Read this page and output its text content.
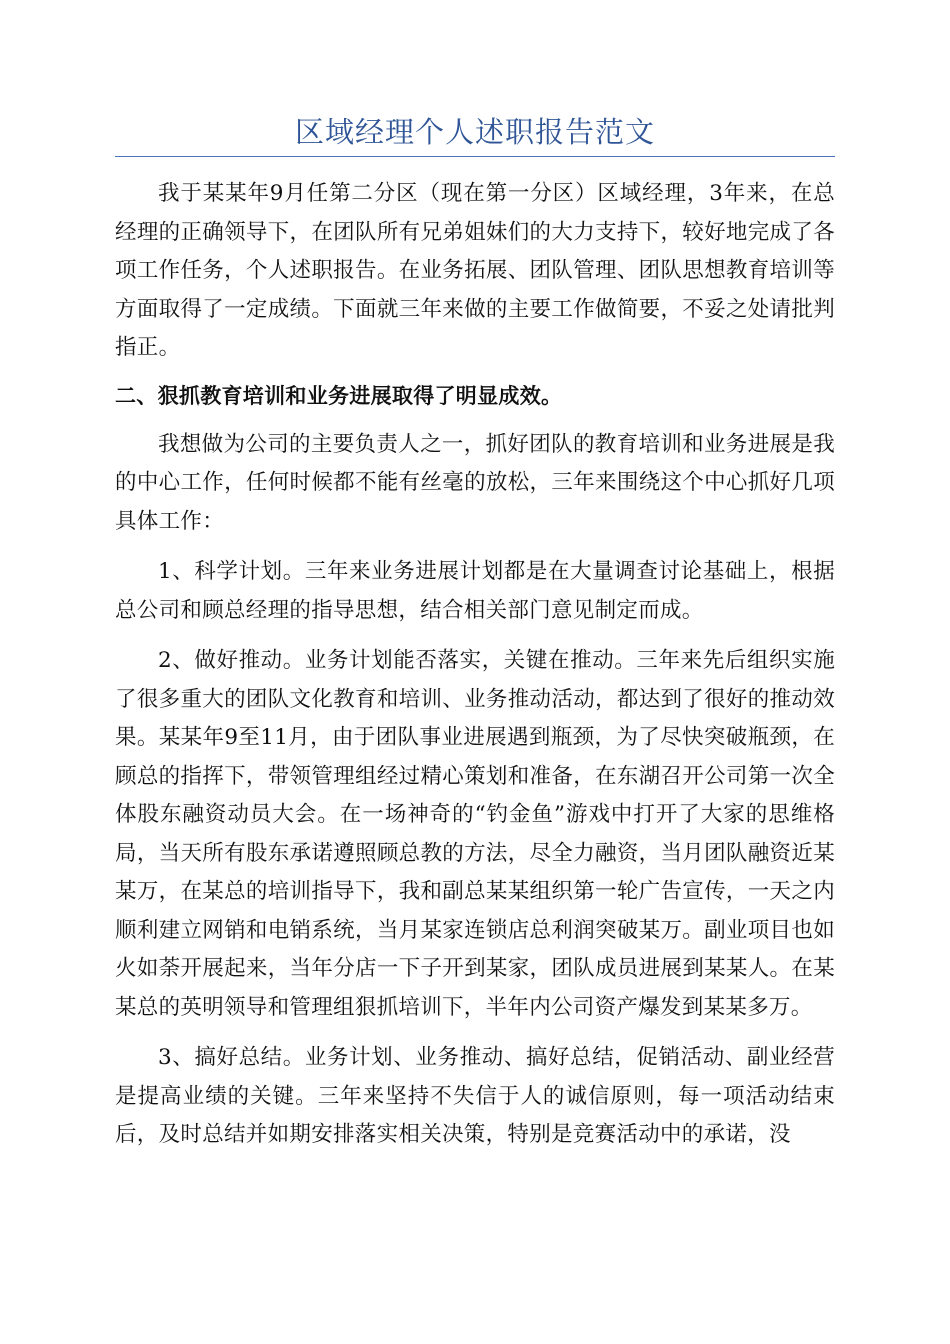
区域经理个人述职报告范文

我于某某年9月任第二分区（现在第一分区）区域经理，3年来，在总经理的正确领导下，在团队所有兄弟姐妹们的大力支持下，较好地完成了各项工作任务，个人述职报告。在业务拓展、团队管理、团队思想教育培训等方面取得了一定成绩。下面就三年来做的主要工作做简要，不妥之处请批判指正。

二、狠抓教育培训和业务进展取得了明显成效。

我想做为公司的主要负责人之一，抓好团队的教育培训和业务进展是我的中心工作，任何时候都不能有丝毫的放松，三年来围绕这个中心抓好几项具体工作：

1、科学计划。三年来业务进展计划都是在大量调查讨论基础上，根据总公司和顾总经理的指导思想，结合相关部门意见制定而成。

2、做好推动。业务计划能否落实，关键在推动。三年来先后组织实施了很多重大的团队文化教育和培训、业务推动活动，都达到了很好的推动效果。某某年9至11月，由于团队事业进展遇到瓶颈，为了尽快突破瓶颈，在顾总的指挥下，带领管理组经过精心策划和准备，在东湖召开公司第一次全体股东融资动员大会。在一场神奇的“钓金鱼”游戏中打开了大家的思维格局，当天所有股东承诺遵照顾总教的方法，尽全力融资，当月团队融资近某某万，在某总的培训指导下，我和副总某某组织第一轮广告宣传，一天之内顺利建立网销和电销系统，当月某家连锁店总利润突破某万。副业项目也如火如荼开展起来，当年分店一下子开到某家，团队成员进展到某某人。在某某总的英明领导和管理组狠抓培训下，半年内公司资产爆发到某某多万。

3、搞好总结。业务计划、业务推动、搞好总结，促销活动、副业经营是提高业绩的关键。三年来坚持不失信于人的诚信原则，每一项活动结束后，及时总结并如期安排落实相关决策，特别是竞赛活动中的承诺，没
